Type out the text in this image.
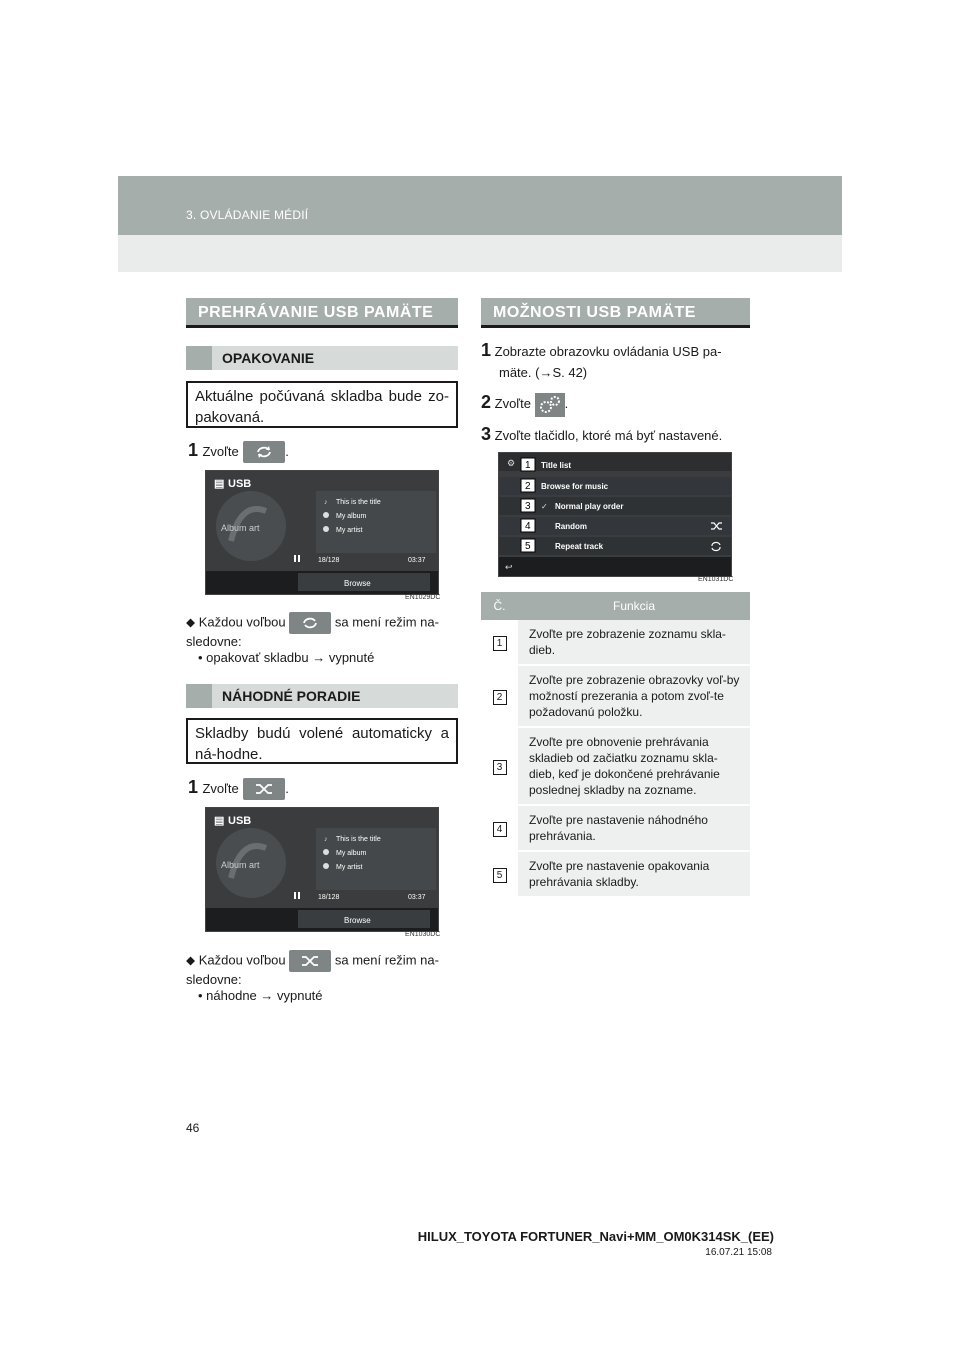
3. OVLÁDANIE MÉDIÍ
PREHRÁVANIE USB PAMÄTE
OPAKOVANIE
Aktuálne počúvaná skladba bude zo-pakovaná.
1 Zvoľte	.
Album art
▤ USB
♪ This is the title
My album
My artist
18/128	03:37
Browse
EN1029DC
⬥ Každou voľbou	sa mení režim na-sledovne:
• opakovať skladbu → vypnuté
NÁHODNÉ PORADIE
Skladby budú volené automaticky a ná-hodne.
1 Zvoľte	.
Album art
▤ USB
♪ This is the title
My album
My artist
18/128	03:37
Browse
EN1030DC
⬥ Každou voľbou	sa mení režim na-sledovne:
• náhodne → vypnuté
MOŽNOSTI USB PAMÄTE
1 Zobrazte obrazovku ovládania USB pa-
mäte. (→S. 42)
2 Zvoľte	.
3 Zvoľte tlačidlo, ktoré má byť nastavené.
⚙ 1 Title list
2 Browse for music
3 ✓ Normal play order
4	Random
5	Repeat track
↩
EN1031DC
Č.	Funkcia
1	Zvoľte pre zobrazenie zoznamu skla-dieb.
2	Zvoľte pre zobrazenie obrazovky voľ-by možností prezerania a potom zvoľ-te požadovanú položku.
3	Zvoľte pre obnovenie prehrávania skladieb od začiatku zoznamu skla-dieb, keď je dokončené prehrávanie poslednej skladby na zozname.
4	Zvoľte pre nastavenie náhodného prehrávania.
5	Zvoľte pre nastavenie opakovania prehrávania skladby.
46
HILUX_TOYOTA FORTUNER_Navi+MM_OM0K314SK_(EE)
16.07.21 15:08
